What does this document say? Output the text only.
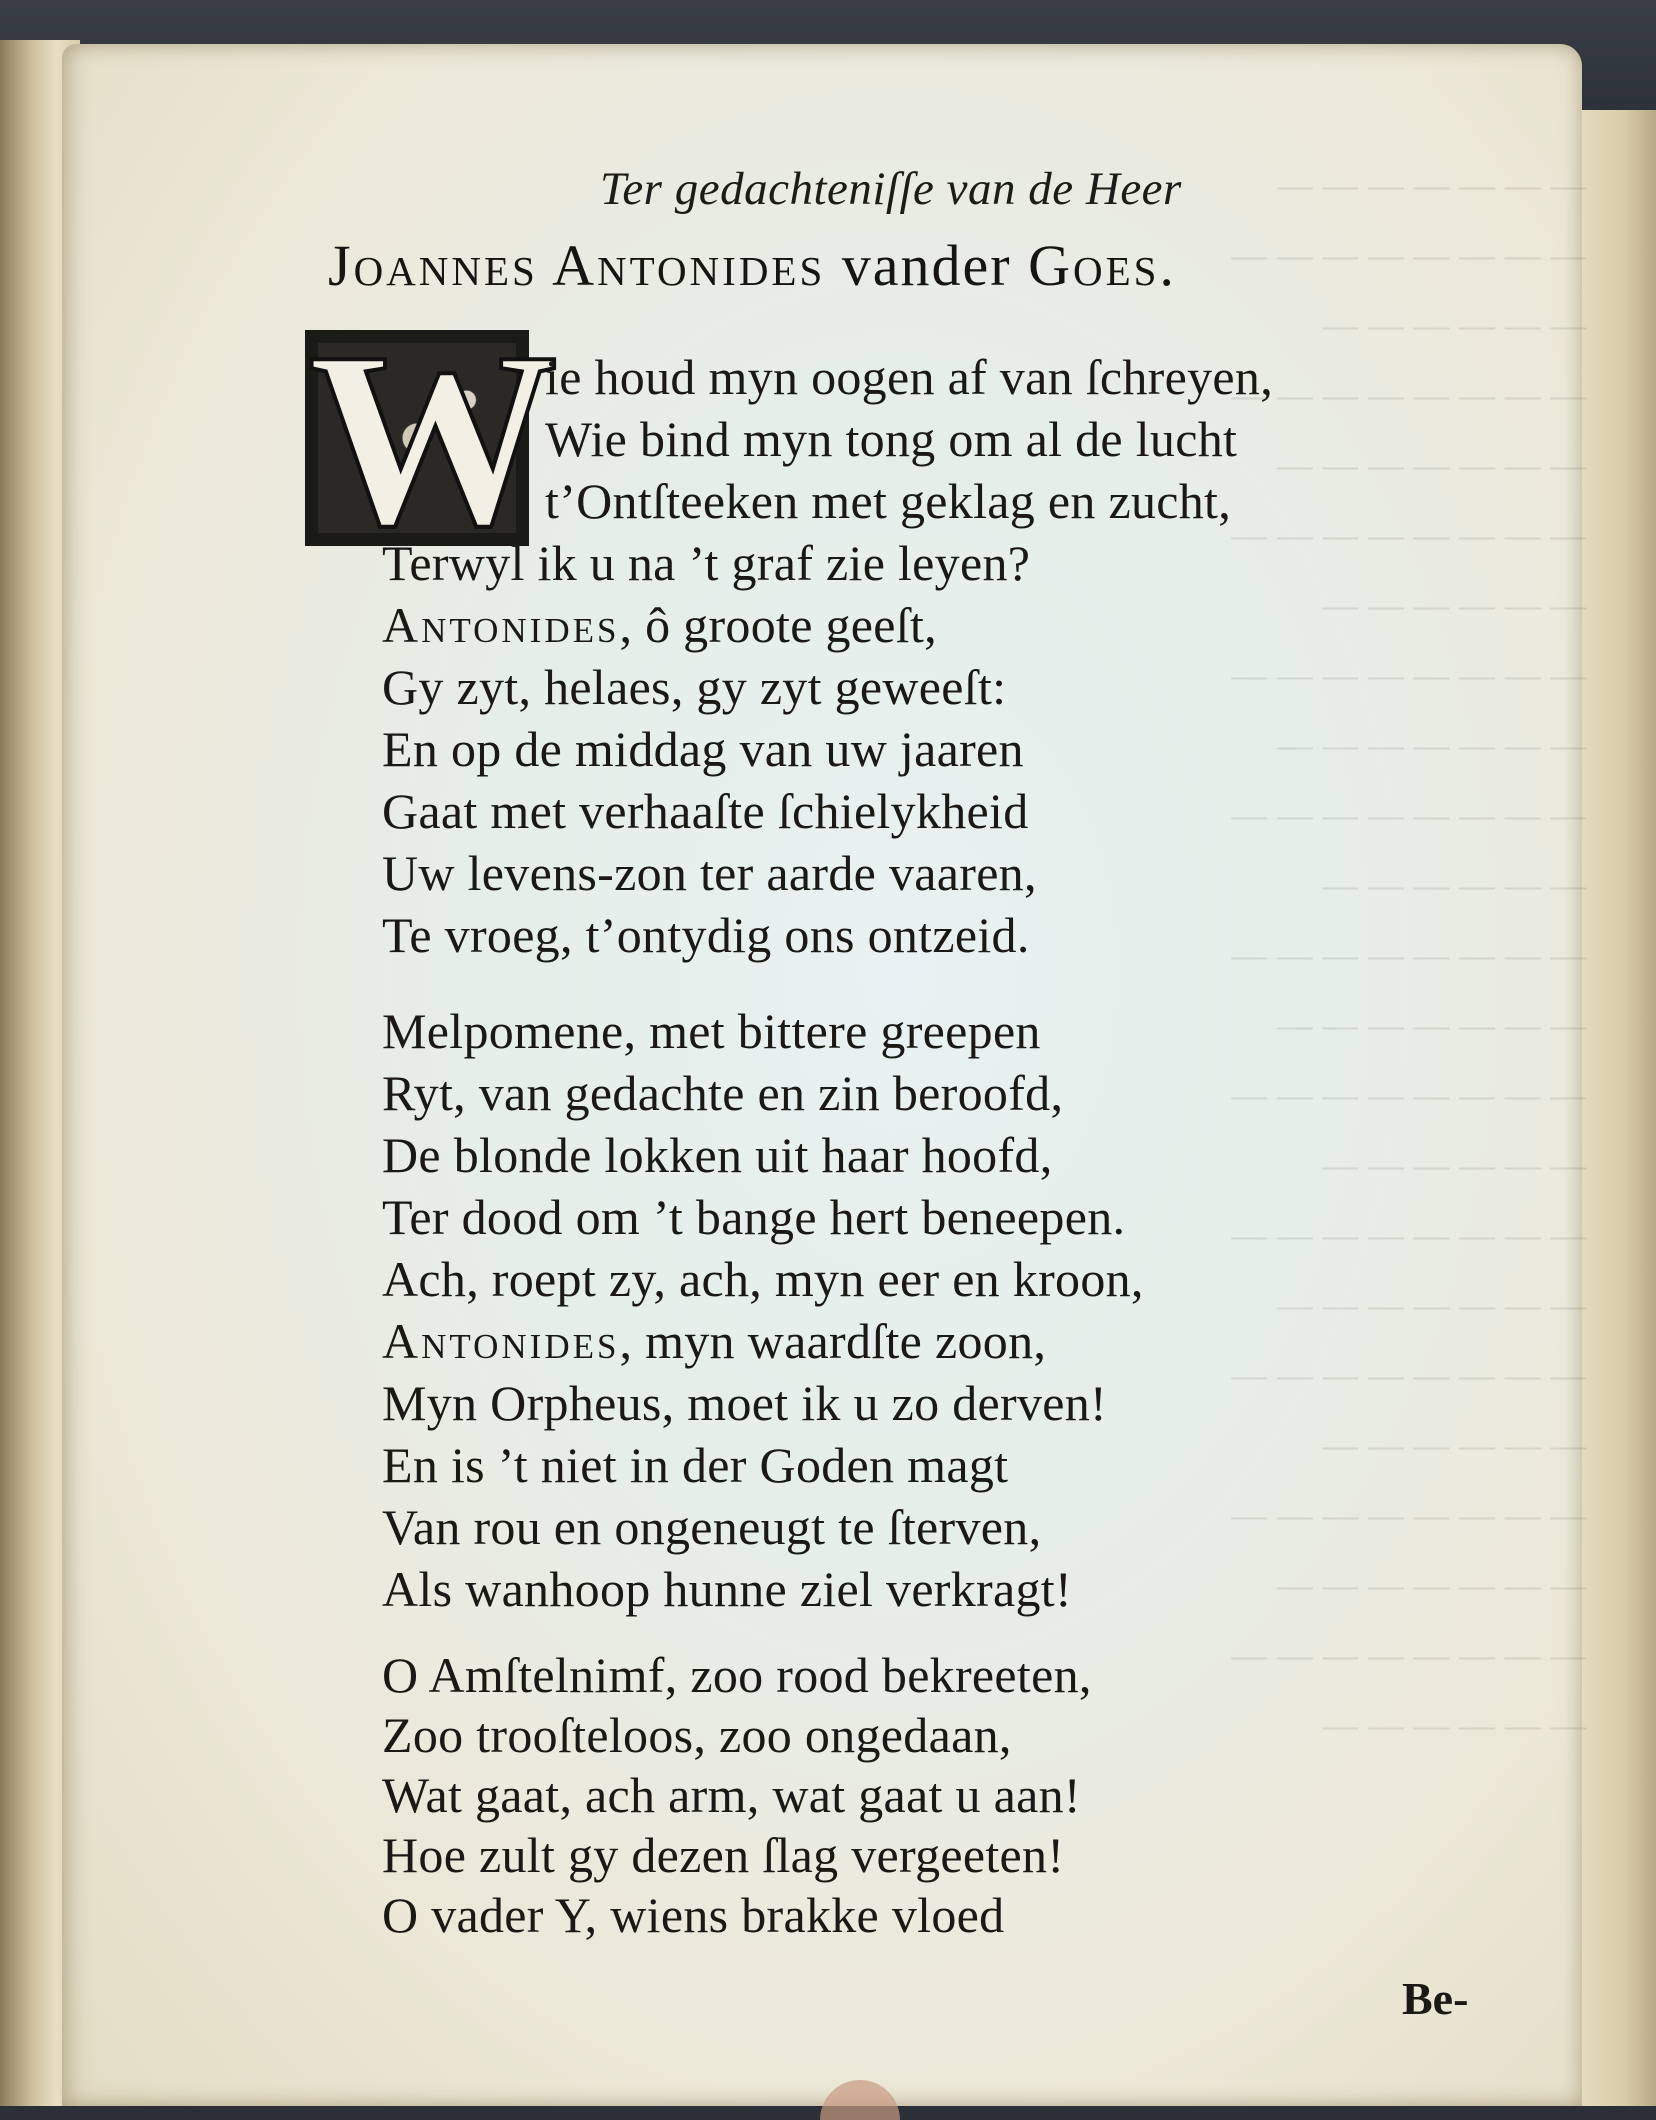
Ter gedachteniſſe van de Heer
Joannes Antonides vander Goes.
W
ie houd myn oogen af van ſchreyen,
Wie bind myn tong om al de lucht
t’Ontſteeken met geklag en zucht,
Terwyl ik u na ’t graf zie leyen?
Antonides, ô groote geeſt,
Gy zyt, helaes, gy zyt geweeſt:
En op de middag van uw jaaren
Gaat met verhaaſte ſchielykheid
Uw levens-zon ter aarde vaaren,
Te vroeg, t’ontydig ons ontzeid.
Melpomene, met bittere greepen
Ryt, van gedachte en zin beroofd,
De blonde lokken uit haar hoofd,
Ter dood om ’t bange hert beneepen.
Ach, roept zy, ach, myn eer en kroon,
Antonides, myn waardſte zoon,
Myn Orpheus, moet ik u zo derven!
En is ’t niet in der Goden magt
Van rou en ongeneugt te ſterven,
Als wanhoop hunne ziel verkragt!
O Amſtelnimf, zoo rood bekreeten,
Zoo trooſteloos, zoo ongedaan,
Wat gaat, ach arm, wat gaat u aan!
Hoe zult gy dezen ſlag vergeeten!
O vader Y, wiens brakke vloed
Be-
